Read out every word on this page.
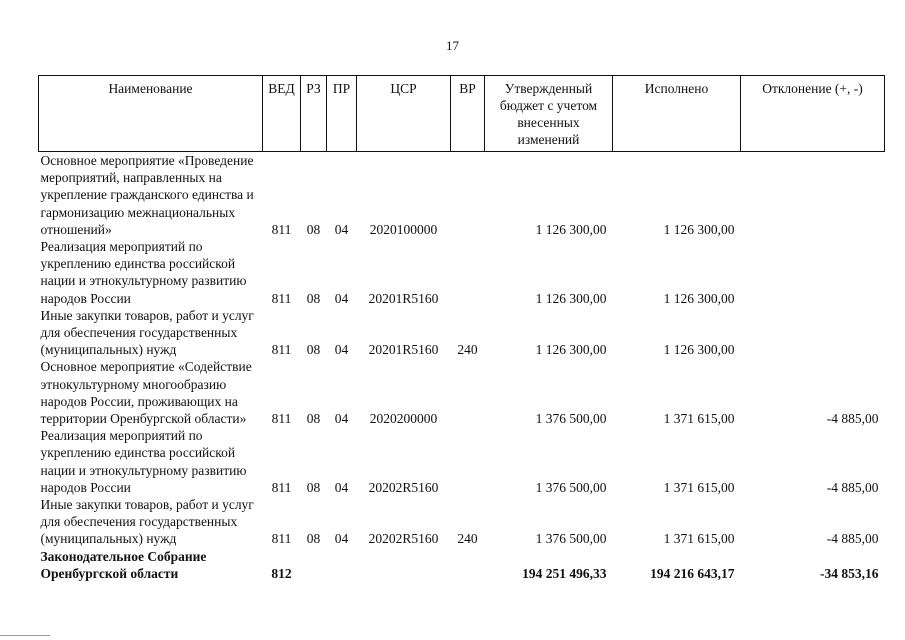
17
Наименование	ВЕД	РЗ	ПР	ЦСР	ВР	Утвержденный бюджет с учетом внесенных изменений	Исполнено	Отклонение (+, -)
Основное мероприятие «Проведение мероприятий, направленных на укрепление гражданского единства и гармонизацию межнациональных отношений»	811	08	04	2020100000		1 126 300,00	1 126 300,00	
Реализация мероприятий по укреплению единства российской нации и этнокультурному развитию народов России	811	08	04	20201R5160		1 126 300,00	1 126 300,00	
Иные закупки товаров, работ и услуг для обеспечения государственных (муниципальных) нужд	811	08	04	20201R5160	240	1 126 300,00	1 126 300,00	
Основное мероприятие «Содействие этнокультурному многообразию народов России, проживающих на территории Оренбургской области»	811	08	04	2020200000		1 376 500,00	1 371 615,00	-4 885,00
Реализация мероприятий по укреплению единства российской нации и этнокультурному развитию народов России	811	08	04	20202R5160		1 376 500,00	1 371 615,00	-4 885,00
Иные закупки товаров, работ и услуг для обеспечения государственных (муниципальных) нужд	811	08	04	20202R5160	240	1 376 500,00	1 371 615,00	-4 885,00
Законодательное Собрание Оренбургской области	812					194 251 496,33	194 216 643,17	-34 853,16
